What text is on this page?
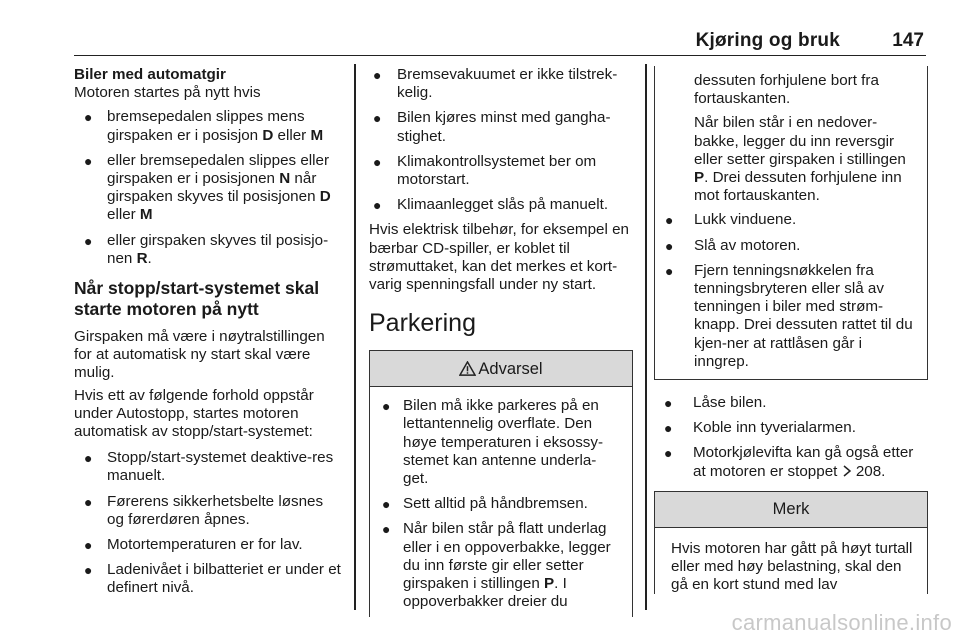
Kjøring og bruk	147

Biler med automatgir

Motoren startes på nytt hvis

● bremsepedalen slippes mens girspaken er i posisjon D eller M
● eller bremsepedalen slippes eller girspaken er i posisjonen N når girspaken skyves til posisjonen D eller M
● eller girspaken skyves til posisjo-nen R.

Når stopp/start-systemet skal starte motoren på nytt

Girspaken må være i nøytralstillingen for at automatisk ny start skal være mulig.

Hvis ett av følgende forhold oppstår under Autostopp, startes motoren automatisk av stopp/start-systemet:

● Stopp/start-systemet deaktive-res manuelt.
● Førerens sikkerhetsbelte løsnes og førerdøren åpnes.
● Motortemperaturen er for lav.
● Ladenivået i bilbatteriet er under et definert nivå.
● Bremsevakuumet er ikke tilstrek-kelig.
● Bilen kjøres minst med gangha-stighet.
● Klimakontrollsystemet ber om motorstart.
● Klimaanlegget slås på manuelt.

Hvis elektrisk tilbehør, for eksempel en bærbar CD-spiller, er koblet til strømuttaket, kan det merkes et kort-varig spenningsfall under ny start.

Parkering

Advarsel
● Bilen må ikke parkeres på en lettantennelig overflate. Den høye temperaturen i eksossy-stemet kan antenne underla-get.
● Sett alltid på håndbremsen.
● Når bilen står på flatt underlag eller i en oppoverbakke, legger du inn første gir eller setter girspaken i stillingen P. I oppoverbakker dreier du

dessuten forhjulene bort fra fortauskanten.

Når bilen står i en nedover-bakke, legger du inn reversgir eller setter girspaken i stillingen P. Drei dessuten forhjulene inn mot fortauskanten.

● Lukk vinduene.
● Slå av motoren.
● Fjern tenningsnøkkelen fra tenningsbryteren eller slå av tenningen i biler med strøm-knapp. Drei dessuten rattet til du kjen-ner at rattlåsen går i inngrep.
● Låse bilen.
● Koble inn tyverialarmen.
● Motorkjølevifta kan gå også etter at motoren er stoppet  208.
Merk

Hvis motoren har gått på høyt turtall eller med høy belastning, skal den gå en kort stund med lav

carmanualsonline.info
